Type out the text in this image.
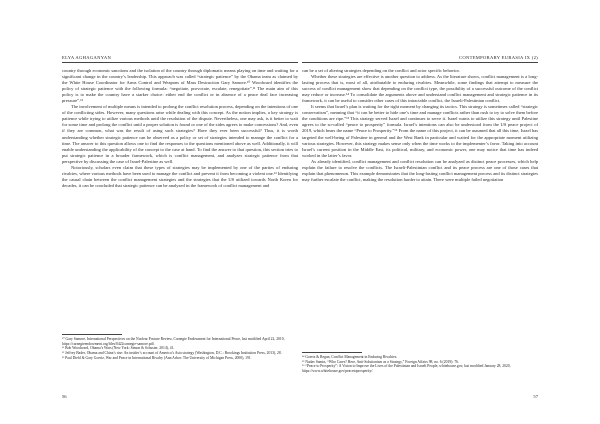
ELYA AGHAGANYAN

country through economic sanctions and the isolation of the country through diplomatic means playing on time and waiting for a significant change in the country’s leadership. This approach was called “strategic patience” by the Obama team as claimed by the White House Coordinator for Arms Control and Weapons of Mass Destruction Gary Samore.¹⁰ Woodward identifies the policy of strategic patience with the following formula: “negotiate, provocate, escalate, renegotiate”.¹¹ The main aim of this policy is to make the country have a starker choice: either end the conflict or in absence of a peace deal face increasing pressure”.¹²

The involvement of multiple means is intended to prolong the conflict resolution process, depending on the intentions of one of the conflicting sides. However, many questions arise while dealing with this concept. As the notion implies, a key strategy is patience while trying to utilize various methods until the resolution of the dispute. Nevertheless, one may ask, is it better to wait for some time and prolong the conflict until a proper solution is found or one of the sides agrees to make concessions? And, even if they are common, what was the result of using such strategies? Have they ever been successful? Thus, it is worth understanding whether strategic patience can be observed as a policy or set of strategies intended to manage the conflict for a time. The answer to this question allows one to find the responses to the questions mentioned above as well. Additionally, it will enable understanding the applicability of the concept to the case at hand. To find the answer to that question, this section tries to put strategic patience in a broader framework, which is conflict management, and analyzes strategic patience from that perspective by discussing the case of Israel-Palestine as well.

Notoriously, scholars even claim that these types of strategies may be implemented by one of the parties of enduring rivalries, where various methods have been used to manage the conflict and prevent it from becoming a violent one.¹³ Identifying the causal chain between the conflict management strategies and the strategies that the US utilized towards North Korea for decades, it can be concluded that strategic patience can be analyzed in the framework of conflict management and

¹⁰ Gary Samore, International Perspectives on the Nuclear Posture Review, Carnegie Endowment for International Peace, last modified April 22, 2010, https://carnegieendowment.org/files/0422carnegie-samore.pdf.

¹¹ Bob Woodward, Obama’s Wars (New York: Simon & Schuster, 2014), 41.

¹² Jeffrey Bader, Obama and China’s rise: An insider’s account of America’s Asia strategy (Washington, D.C.: Brookings Institution Press, 2013), 28.

¹³ Paul Diehl & Gary Goertz, War and Peace in International Rivalry (Ann Arbor: The University of Michigan Press, 2000), 191.

56
CONTEMPORARY EURASIA IX (2)

can be a set of altering strategies depending on the conflict and actor specific behavior.

Whether these strategies are effective is another question to address. As the literature shows, conflict management is a long-lasting process that is, most of all, attributable to enduring rivalries. Meanwhile, some findings that attempt to measure the success of conflict management show that depending on the conflict type, the possibility of a successful outcome of the conflict may reduce or increase.¹⁴ To consolidate the arguments above and understand conflict management and strategic patience in its framework, it can be useful to consider other cases of this intractable conflict, the Israeli-Palestinian conflict.

It seems that Israel’s plan is waiting for the right moment by changing its tactics. This strategy is sometimes called “strategic conservatism”, meaning that “it can be better to hide one’s time and manage conflicts rather than rush to try to solve them before the conditions are ripe.”¹⁵ This strategy served Israel and continues to serve it. Israel wants to utilize this strategy until Palestine agrees to the so-called “peace to prosperity” formula. Israel’s intentions can also be understood from the US peace project of 2019, which bears the name “Peace to Prosperity.”¹⁶ From the name of this project, it can be assumed that all this time, Israel has targeted the well-being of Palestine in general and the West Bank in particular and waited for the appropriate moment utilizing various strategies. However, this strategy makes sense only when the time works to the implementer’s favor. Taking into account Israel’s current position in the Middle East, its political, military, and economic power, one may notice that time has indeed worked in the latter’s favor.

As already identified, conflict management and conflict resolution can be analyzed as distinct peace processes, which help explain the failure to resolve the conflicts. The Israeli-Palestinian conflict and its peace process are one of those cases that explain that phenomenon. This example demonstrates that the long-lasting conflict management process and its distinct strategies may further escalate the conflict, making the resolution harder to attain. There were multiple failed negotiation

¹⁴ Goertz & Regan, Conflict Management in Enduring Rivalries.

¹⁵ Nadav Samin, “Who Cares? Here, Anti-Solutionism as a Strategy,” Foreign Affairs 98, no. 6 (2019): 76.

¹⁶ “Peace to Prosperity”: A Vision to Improve the Lives of the Palestinian and Israeli People, whitehouse.gov, last modified January 28, 2020, https://www.whitehouse.gov/peacetoprosperity/.

57
